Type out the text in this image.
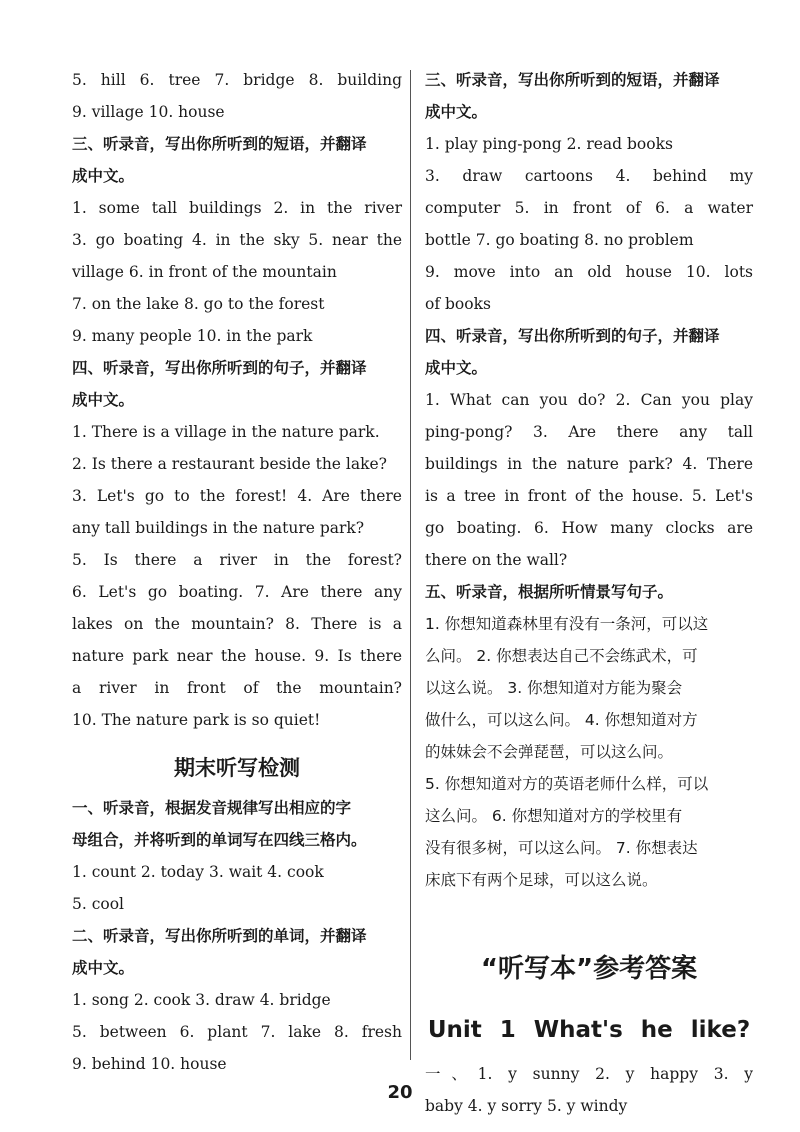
5. hill 6. tree 7. bridge 8. building
9. village 10. house
三、听录音，写出你所听到的短语，并翻译
成中文。
1. some tall buildings 2. in the river
3. go boating 4. in the sky 5. near the
village 6. in front of the mountain
7. on the lake 8. go to the forest
9. many people 10. in the park
四、听录音，写出你所听到的句子，并翻译
成中文。
1. There is a village in the nature park.
2. Is there a restaurant beside the lake?
3. Let's go to the forest! 4. Are there
any tall buildings in the nature park?
5. Is there a river in the forest?
6. Let's go boating. 7. Are there any
lakes on the mountain? 8. There is a
nature park near the house. 9. Is there
a river in front of the mountain?
10. The nature park is so quiet!
期末听写检测
一、听录音，根据发音规律写出相应的字
母组合，并将听到的单词写在四线三格内。
1. count 2. today 3. wait 4. cook
5. cool
二、听录音，写出你所听到的单词，并翻译
成中文。
1. song 2. cook 3. draw 4. bridge
5. between 6. plant 7. lake 8. fresh
9. behind 10. house
三、听录音，写出你所听到的短语，并翻译
成中文。
1. play ping-pong 2. read books
3. draw cartoons 4. behind my
computer 5. in front of 6. a water
bottle 7. go boating 8. no problem
9. move into an old house 10. lots
of books
四、听录音，写出你所听到的句子，并翻译
成中文。
1. What can you do? 2. Can you play
ping-pong? 3. Are there any tall
buildings in the nature park? 4. There
is a tree in front of the house. 5. Let's
go boating. 6. How many clocks are
there on the wall?
五、听录音，根据所听情景写句子。
1. 你想知道森林里有没有一条河，可以这
么问。 2. 你想表达自己不会练武术，可
以这么说。 3. 你想知道对方能为聚会
做什么，可以这么问。 4. 你想知道对方
的妹妹会不会弹琵琶，可以这么问。
5. 你想知道对方的英语老师什么样，可以
这么问。 6. 你想知道对方的学校里有
没有很多树，可以这么问。 7. 你想表达
床底下有两个足球，可以这么说。
“听写本”参考答案
Unit 1 What's he like?
一、1. y sunny 2. y happy 3. y
baby 4. y sorry 5. y windy
20
